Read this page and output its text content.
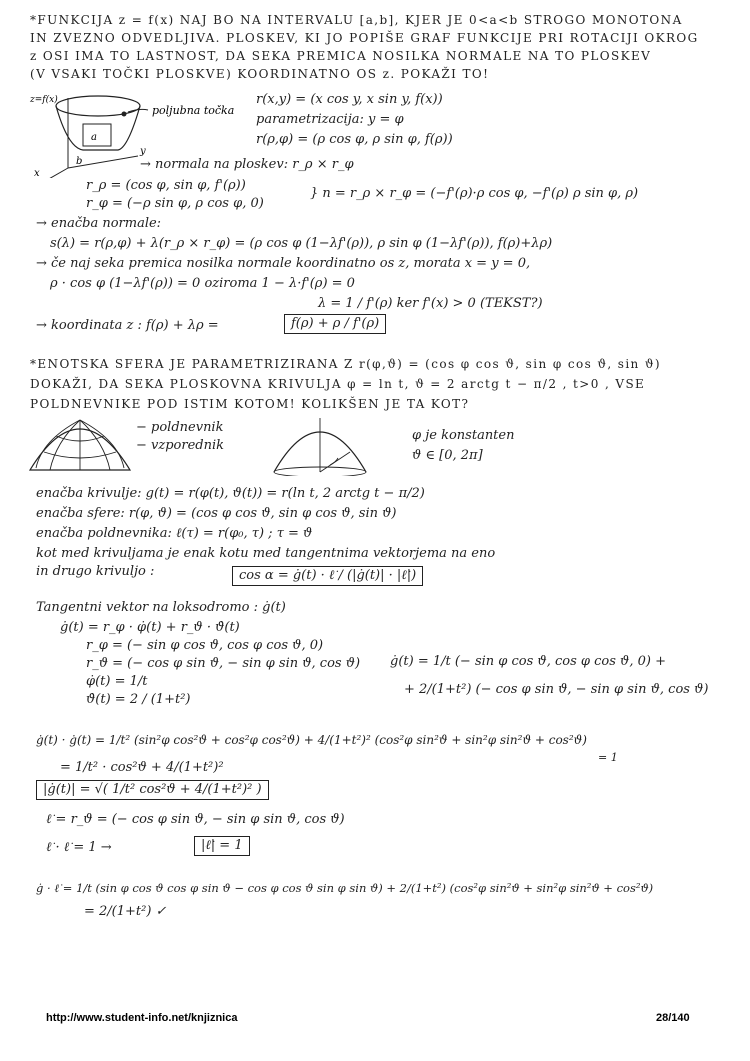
*FUNKCIJA z = f(x) NAJ BO NA INTERVALU [a,b], KJER JE 0<a<b STROGO MONOTONA
IN ZVEZNO ODVEDLJIVA. PLOSKEV, KI JO POPIŠE GRAF FUNKCIJE PRI ROTACIJI OKROG
z OSI IMA TO LASTNOST, DA SEKA PREMICA NOSILKA NORMALE NA TO PLOSKEV
(V VSAKI TOČKI PLOSKVE) KOORDINATNO OS z. POKAŽI TO!
z=f(x)
poljubna točka
a
b
y
x
r(x,y) = (x cos y, x sin y, f(x))
parametrizacija: y = φ
r(ρ,φ) = (ρ cos φ, ρ sin φ, f(ρ))
→ normala na ploskev: r_ρ × r_φ
r_ρ = (cos φ, sin φ, f'(ρ))
r_φ = (−ρ sin φ, ρ cos φ, 0)
} n = r_ρ × r_φ = (−f'(ρ)·ρ cos φ, −f'(ρ) ρ sin φ, ρ)
→ enačba normale:
s(λ) = r(ρ,φ) + λ(r_ρ × r_φ) = (ρ cos φ (1−λf'(ρ)), ρ sin φ (1−λf'(ρ)), f(ρ)+λρ)
→ če naj seka premica nosilka normale koordinatno os z, morata x = y = 0,
ρ · cos φ (1−λf'(ρ)) = 0 oziroma 1 − λ·f'(ρ) = 0
λ = 1 / f'(ρ) ker f'(x) > 0 (TEKST?)
→ koordinata z : f(ρ) + λρ =	f(ρ) + ρ / f'(ρ)
*ENOTSKA SFERA JE PARAMETRIZIRANA Z r(φ,ϑ) = (cos φ cos ϑ, sin φ cos ϑ, sin ϑ)
DOKAŽI, DA SEKA PLOSKOVNA KRIVULJA φ = ln t, ϑ = 2 arctg t − π/2 , t>0 , VSE
POLDNEVNIKE POD ISTIM KOTOM! KOLIKŠEN JE TA KOT?
− poldnevnik
− vzporednik
φ je konstanten
ϑ ∈ [0, 2π]
enačba krivulje: g(t) = r(φ(t), ϑ(t)) = r(ln t, 2 arctg t − π/2)
enačba sfere: r(φ, ϑ) = (cos φ cos ϑ, sin φ cos ϑ, sin ϑ)
enačba poldnevnika: ℓ(τ) = r(φ₀, τ) ; τ = ϑ
kot med krivuljama je enak kotu med tangentnima vektorjema na eno
in drugo krivuljo :	cos α = ġ(t) · ℓ̇ / (|ġ(t)| · |ℓ̇|)
Tangentni vektor na loksodromo : ġ(t)
ġ(t) = r_φ · φ̇(t) + r_ϑ · ϑ̇(t)
r_φ = (− sin φ cos ϑ, cos φ cos ϑ, 0)
r_ϑ = (− cos φ sin ϑ, − sin φ sin ϑ, cos ϑ)
φ̇(t) = 1/t
ϑ̇(t) = 2 / (1+t²)
ġ(t) = 1/t (− sin φ cos ϑ, cos φ cos ϑ, 0) +
+ 2/(1+t²) (− cos φ sin ϑ, − sin φ sin ϑ, cos ϑ)
ġ(t) · ġ(t) = 1/t² (sin²φ cos²ϑ + cos²φ cos²ϑ) + 4/(1+t²)² (cos²φ sin²ϑ + sin²φ sin²ϑ + cos²ϑ)
= 1
= 1/t² · cos²ϑ + 4/(1+t²)²
|ġ(t)| = √( 1/t² cos²ϑ + 4/(1+t²)² )
ℓ̇ = r_ϑ = (− cos φ sin ϑ, − sin φ sin ϑ, cos ϑ)
ℓ̇ · ℓ̇ = 1 →	|ℓ̇| = 1
ġ · ℓ̇ = 1/t (sin φ cos ϑ cos φ sin ϑ − cos φ cos ϑ sin φ sin ϑ) + 2/(1+t²) (cos²φ sin²ϑ + sin²φ sin²ϑ + cos²ϑ)
= 2/(1+t²) ✓
http://www.student-info.net/knjiznica	28/140
